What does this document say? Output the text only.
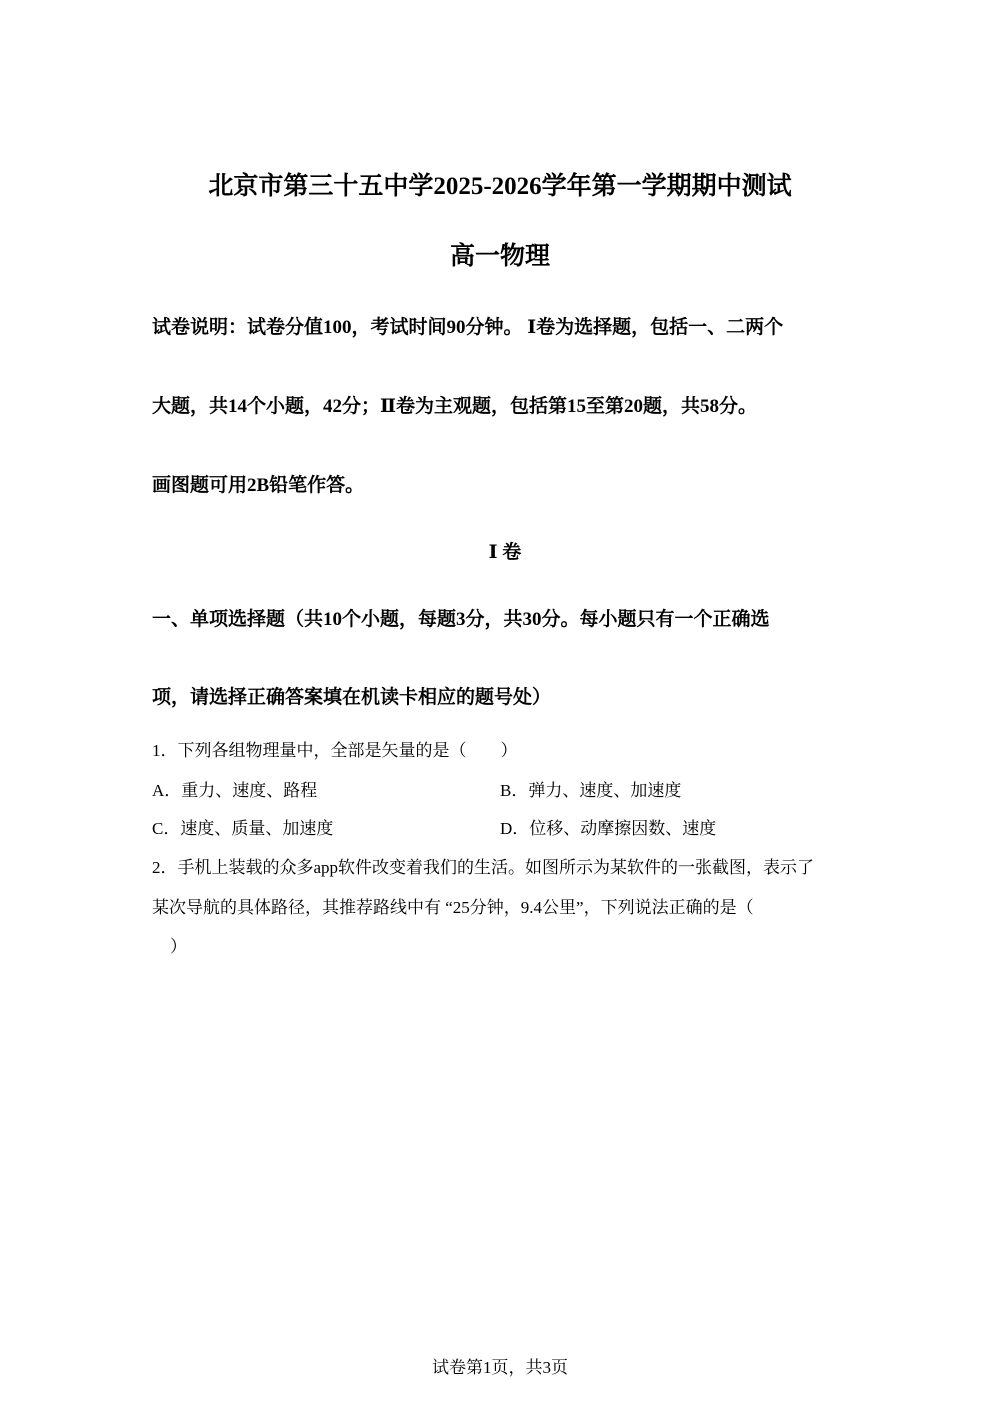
北京市第三十五中学2025-2026学年第一学期期中测试
高一物理
试卷说明：试卷分值100，考试时间90分钟。 Ⅰ卷为选择题，包括一、二两个
大题，共14个小题，42分；Ⅱ卷为主观题，包括第15至第20题，共58分。
画图题可用2B铅笔作答。
Ⅰ 卷
一、单项选择题（共10个小题，每题3分，共30分。每小题只有一个正确选
项，请选择正确答案填在机读卡相应的题号处）
1．下列各组物理量中，全部是矢量的是（　　）
A．重力、速度、路程	B．弹力、速度、加速度
C．速度、质量、加速度	D．位移、动摩擦因数、速度
2．手机上装载的众多app软件改变着我们的生活。如图所示为某软件的一张截图，表示了
某次导航的具体路径，其推荐路线中有 “25分钟，9.4公里”，下列说法正确的是（
）
试卷第1页，共3页
